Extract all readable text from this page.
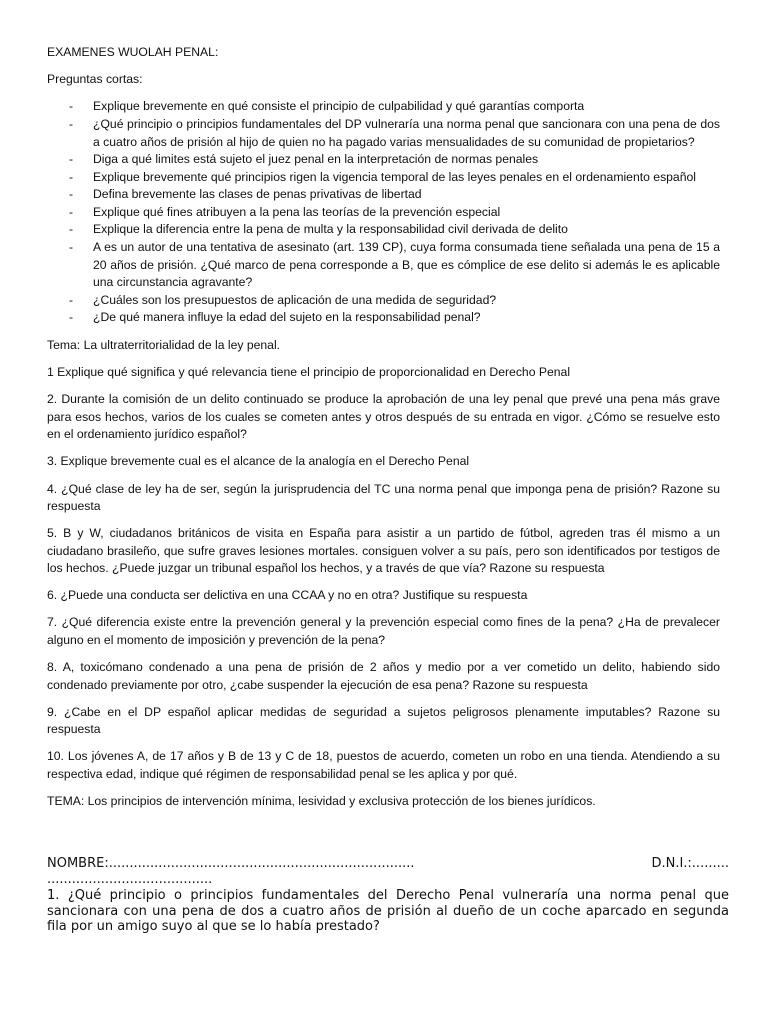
EXAMENES WUOLAH PENAL:

Preguntas cortas:

- Explique brevemente en qué consiste el principio de culpabilidad y qué garantías comporta
- ¿Qué principio o principios fundamentales del DP vulneraría una norma penal que sancionara con una pena de dos a cuatro años de prisión al hijo de quien no ha pagado varias mensualidades de su comunidad de propietarios?
- Diga a qué limites está sujeto el juez penal en la interpretación de normas penales
- Explique brevemente qué principios rigen la vigencia temporal de las leyes penales en el ordenamiento español
- Defina brevemente las clases de penas privativas de libertad
- Explique qué fines atribuyen a la pena las teorías de la prevención especial
- Explique la diferencia entre la pena de multa y la responsabilidad civil derivada de delito
- A es un autor de una tentativa de asesinato (art. 139 CP), cuya forma consumada tiene señalada una pena de 15 a 20 años de prisión. ¿Qué marco de pena corresponde a B, que es cómplice de ese delito si además le es aplicable una circunstancia agravante?
- ¿Cuáles son los presupuestos de aplicación de una medida de seguridad?
- ¿De qué manera influye la edad del sujeto en la responsabilidad penal?

Tema: La ultraterritorialidad de la ley penal.

1 Explique qué significa y qué relevancia tiene el principio de proporcionalidad en Derecho Penal

2. Durante la comisión de un delito continuado se produce la aprobación de una ley penal que prevé una pena más grave para esos hechos, varios de los cuales se cometen antes y otros después de su entrada en vigor. ¿Cómo se resuelve esto en el ordenamiento jurídico español?

3. Explique brevemente cual es el alcance de la analogía en el Derecho Penal

4. ¿Qué clase de ley ha de ser, según la jurisprudencia del TC una norma penal que imponga pena de prisión? Razone su respuesta

5. B y W, ciudadanos británicos de visita en España para asistir a un partido de fútbol, agreden tras él mismo a un ciudadano brasileño, que sufre graves lesiones mortales. consiguen volver a su país, pero son identificados por testigos de los hechos. ¿Puede juzgar un tribunal español los hechos, y a través de que vía? Razone su respuesta

6. ¿Puede una conducta ser delictiva en una CCAA y no en otra? Justifique su respuesta

7. ¿Qué diferencia existe entre la prevención general y la prevención especial como fines de la pena? ¿Ha de prevalecer alguno en el momento de imposición y prevención de la pena?

8. A, toxicómano condenado a una pena de prisión de 2 años y medio por a ver cometido un delito, habiendo sido condenado previamente por otro, ¿cabe suspender la ejecución de esa pena? Razone su respuesta

9. ¿Cabe en el DP español aplicar medidas de seguridad a sujetos peligrosos plenamente imputables? Razone su respuesta

10. Los jóvenes A, de 17 años y B de 13 y C de 18, puestos de acuerdo, cometen un robo en una tienda. Atendiendo a su respectiva edad, indique qué régimen de responsabilidad penal se les aplica y por qué.

TEMA: Los principios de intervención mínima, lesividad y exclusiva protección de los bienes jurídicos.

NOMBRE:..........................................................................	D.N.I.:.........
........................................
1. ¿Qué principio o principios fundamentales del Derecho Penal vulneraría una norma penal que sancionara con una pena de dos a cuatro años de prisión al dueño de un coche aparcado en segunda fila por un amigo suyo al que se lo había prestado?
